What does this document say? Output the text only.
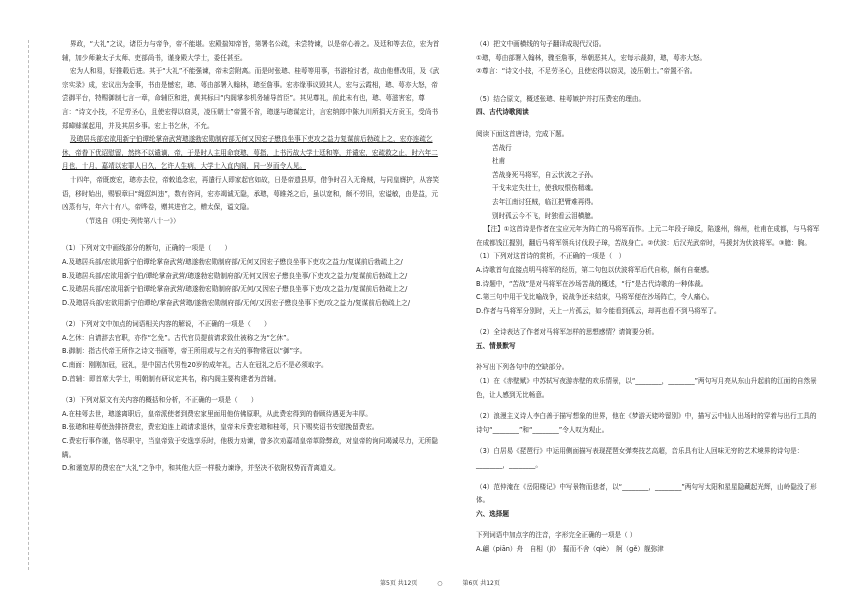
界政，“大礼”之议，诸臣力与帝争，帝不能堪。宏殿揣知帝旨，第署名公疏，未尝特谏，以是帝心善之。及廷和等去位，宏为首辅，加少师兼太子太师、吏部尚书，谨身殿大学士，委任甚至。

宏为人和易，好推毂后进。其于“大礼”不能强谏，帝未尝附离。而是时张璁、桂萼等用事，书游检讨者，故由他曹改用，及《武宗实录》成，宏议出为金事，书由是憾宏，璁、萼由部署入翰林，璁至詹事。宏亦缘事议毁其人，宏与云霞相，璁、萼亦大怒，帝尝御平台，特赐御制七言一章，命辅臣和进，黄其标曰“内阁掌参机务辅导首臣”。其见尊礼，前此未有也，璁、萼滋害宏，尊言：“诗文小技，不足劳圣心，且使宏得以窃灵，凌压朝士”帝置不省，璁遂与璁谋定计，言宏纳郎中陈九川所捐天方贡玉，受尚书郑暐赇谋起用，并及其居乡事。宏上书乞休，不允。

及璁居兵部宏欲用新宁伯谭纶掌奋武营璁遂勃宏勋制府部无何又因宏子懋良坐事下吏攻之益力复谋前后勃疏上之，宏亦连疏乞休，帝眷下优诏慰留，然终不以谴谪，帝，于是时人主用命衰璁，萼指，上书污故大学士廷和等，并谴宏，宏疏救之止，时六年二月也，十月，嘉靖以宏罪人日久，乞许人生病，大学士入直内阁，同一岁而令人见。

十四年，帝既废宏，璁亦去位，帝敕追念宏，再遣行人即家起官如故，日是帝遗县厚，借争时召入无谗贼，与同皇膺护，从容笑语，移时始出，赐银章曰“绳愆纠违”，数有咨问，宏亦竭诚无隐，承璁，萼睢尧之后，虽以宽和，颇不劳旧，宏谥敏，由是益，元凶蒸有与，年六十有八，帝哗卷，赠其进官之，赠太保，谥文隐。

（节选自《明史·列传第八十一》）

（1）下列对文中画线部分的断句，正确的一项是（　　）

A.及璁居兵部/宏欲用新宁伯谭纶掌奋武营/璁遂勃宏勋制府部/无何又因宏子懋良坐事下吏攻之益力/复谋前后勃疏上之/

B.及璁居兵部/宏欲用新宁伯/谭纶掌奋武营/璁遂勃宏勋制府部/无何又因宏子懋良坐事/下吏攻之益力/复谋前后勃疏上之/

C.及璁居兵部/宏欲用新宁伯谭纶掌奋武营/璁遂勃宏勋制府部/无何/又因宏子懋良坐事下吏/攻之益力/复谋前后勃疏上之/

D.及璁居兵部/宏欲用新宁伯谭纶/掌奋武营璁/遂勃宏勋制府部/无何/又因宏子懋良坐事下吏/攻之益力/复谋前后勃疏上之/

（2）下列对文中加点的词语相关内容的解说，不正确的一项是（　　）

A.乞休：自请辞去官职，亦作“乞免”。古代官员提前请求致仕被称之为“乞休”。

B.御制：指古代帝王所作之诗文书画等，帝王所用或与之有关的事物常冠以“御”字。

C.南面：刚刚加冠，冠礼，是中国古代男性20岁的成年礼，古人在冠礼之后不是必须取字。

D.首辅：即首席大学士，明朝制有研议定其名，称内阁主要构建者为首辅。

（3）下列对原文有关内容的概括和分析，不正确的一项是（　　）

A.在桂萼去世，璁遂离职后，皇帝派使者到费宏家里面用他仿佛原职，从此费宏得到的眷顾待遇更为丰厚。

B.张璁和桂萼使劲排挤费宏，费宏迫连上疏请求退休，皇帝未斥费宏璁和桂萼，只下赐奖诏书安慰挽留费宏。

C.费宏行事作谨，恪尽职守，当皇帝致于安逸享乐时，他极力劝谏，曾多次劝嘉靖皇帝革除弊政，对皇帝的询问竭诚尽力，无所隐瞒。

D.和谨宽厚的费宏在“大礼”之争中，和其他大臣一样极力谏诤，并坚决不依附权势而背离道义。

（4）把文中画横线的句子翻译成现代汉语。

①璁，萼由部署入翰林，骤至詹事，举朝恶其人，宏每示裁抑，璁，萼亦大怒。

②尊言：“诗文小技，不足劳圣心，且使宏得以窃灵，凌压朝士。”帝置不省。

（5）结合原文，概述张璁、桂萼嫉护并打压费宏的理由。

四、古代诗歌阅读

阅读下面这首唐诗，完成下题。

苦战行

杜甫

苦战身死马将军，自云伏波之子孙。

干戈未定失壮士，使我叹恨伤精魂。

去年江南讨狂贼，临江把臂难再得。

别时孤云今不飞，时独看云泪横臆。

【注】①这首诗是作者在宝应元年为阵亡的马将军而作。上元二年段子璋反，陷遂州，绵州，杜甫在成都，与马将军在成都饯江握别，翻后马将军领兵讨伐段子璋，苦战身亡。②伏波：后汉光武帝时，马援封为伏波将军。③臆：胸。

（1）下列对这首诗的赏析，不正确的一项是（　）

A.诗歌首句直接点明马将军的经历，第二句包以伏波将军后代自称，颇有自豪感。

B.诗题中，“苦战”是对马将军在沙场苦战的概述，“行”是古代诗歌的一种体裁。

C.第三句中用干戈比喻战争，说战争还未结束，马将军便在沙场阵亡，令人痛心。

D.作者与马将军分别时，天上一片孤云，如今能看到孤云，却再也看不到马将军了。

（2）全诗表达了作者对马将军怎样的思想感情？请简要分析。

五、情景默写

补写出下列各句中的空缺部分。

（1）在《赤壁赋》中苏轼写夜游赤壁的欢乐情景，以“________，________”两句写月亮从东山升起前的江面的自然景色，让人感到无比畅意。

（2）浪漫主义诗人李白善于描写想象的世界，他在《梦游天姥吟留别》中，描写云中仙人出场时的穿着与出行工具的诗句“________”和“________”令人叹为观止。

（3）白居易《琵琶行》中运用侧面描写表现琵琶女弹奏技艺高超，音乐具有让人回味无穷的艺术境界的诗句是：________，________。

（4）范仲淹在《岳阳楼记》中写景物而悲者，以“________，________”两句写太阳和星星隐藏起光辉，山岭隐没了形体。

六、选择题

下列词语中加点字的注音，字形完全正确的一项是（ ）

A.翩（piān）舟　自相（jī）　掘而不舍（qiè）　舸（gě）舰弥津

第5页 共12页	○	第6页 共12页
